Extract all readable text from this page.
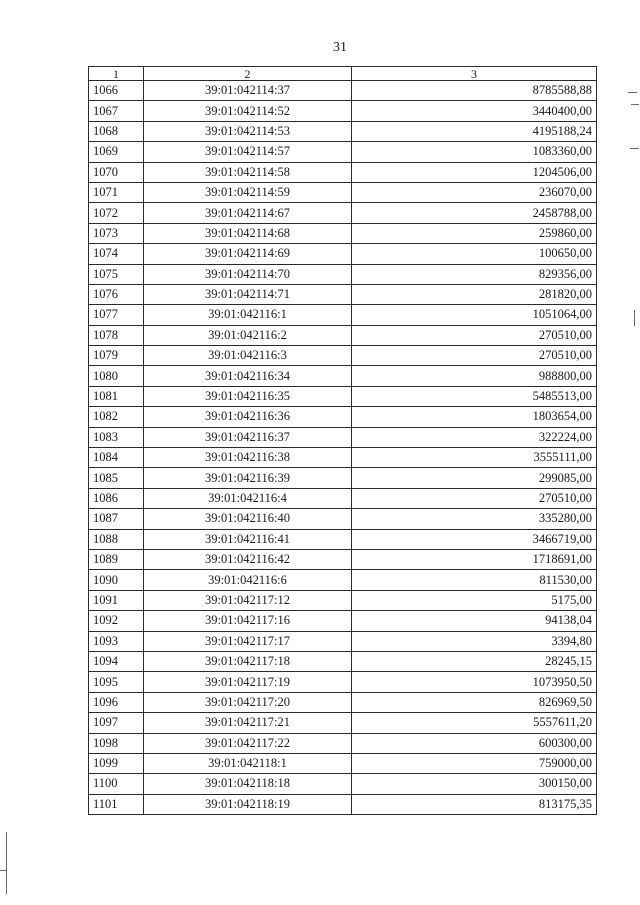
31
1	2	3
1066	39:01:042114:37	8785588,88
1067	39:01:042114:52	3440400,00
1068	39:01:042114:53	4195188,24
1069	39:01:042114:57	1083360,00
1070	39:01:042114:58	1204506,00
1071	39:01:042114:59	236070,00
1072	39:01:042114:67	2458788,00
1073	39:01:042114:68	259860,00
1074	39:01:042114:69	100650,00
1075	39:01:042114:70	829356,00
1076	39:01:042114:71	281820,00
1077	39:01:042116:1	1051064,00
1078	39:01:042116:2	270510,00
1079	39:01:042116:3	270510,00
1080	39:01:042116:34	988800,00
1081	39:01:042116:35	5485513,00
1082	39:01:042116:36	1803654,00
1083	39:01:042116:37	322224,00
1084	39:01:042116:38	3555111,00
1085	39:01:042116:39	299085,00
1086	39:01:042116:4	270510,00
1087	39:01:042116:40	335280,00
1088	39:01:042116:41	3466719,00
1089	39:01:042116:42	1718691,00
1090	39:01:042116:6	811530,00
1091	39:01:042117:12	5175,00
1092	39:01:042117:16	94138,04
1093	39:01:042117:17	3394,80
1094	39:01:042117:18	28245,15
1095	39:01:042117:19	1073950,50
1096	39:01:042117:20	826969,50
1097	39:01:042117:21	5557611,20
1098	39:01:042117:22	600300,00
1099	39:01:042118:1	759000,00
1100	39:01:042118:18	300150,00
1101	39:01:042118:19	813175,35
